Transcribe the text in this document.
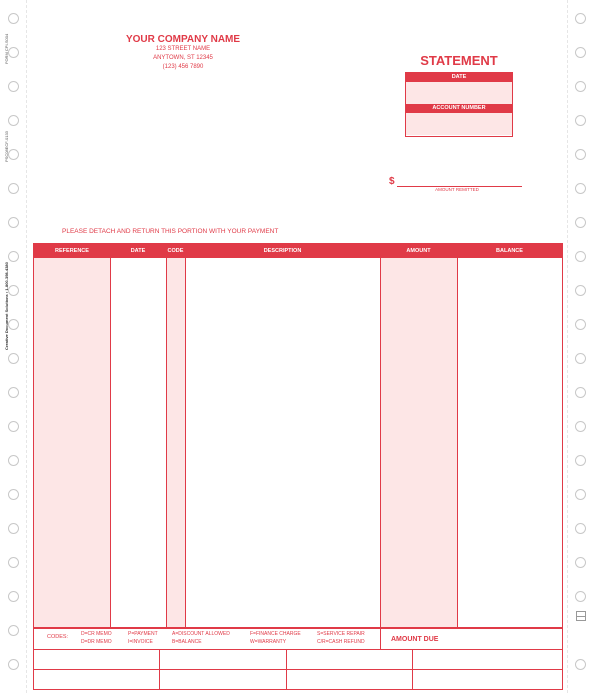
FORM CPI-S004
PSC08ECF-0133
Creative Document Solutions • 1-800-398-4380
YOUR COMPANY NAME
123 STREET NAME
ANYTOWN, ST 12345
(123) 456 7890	STATEMENT
DATE
ACCOUNT NUMBER
$
AMOUNT REMITTED
PLEASE DETACH AND RETURN THIS PORTION WITH YOUR PAYMENT
REFERENCE	DATE	CODE	DESCRIPTION	AMOUNT	BALANCE
CODES:	D=CR MEMO
D=DR MEMO
P=PAYMENT
I=INVOICE
A=DISCOUNT ALLOWED
B=BALANCE
F=FINANCE CHARGE
W=WARRANTY
S=SERVICE REPAIR
C/R=CASH REFUND	AMOUNT DUE
